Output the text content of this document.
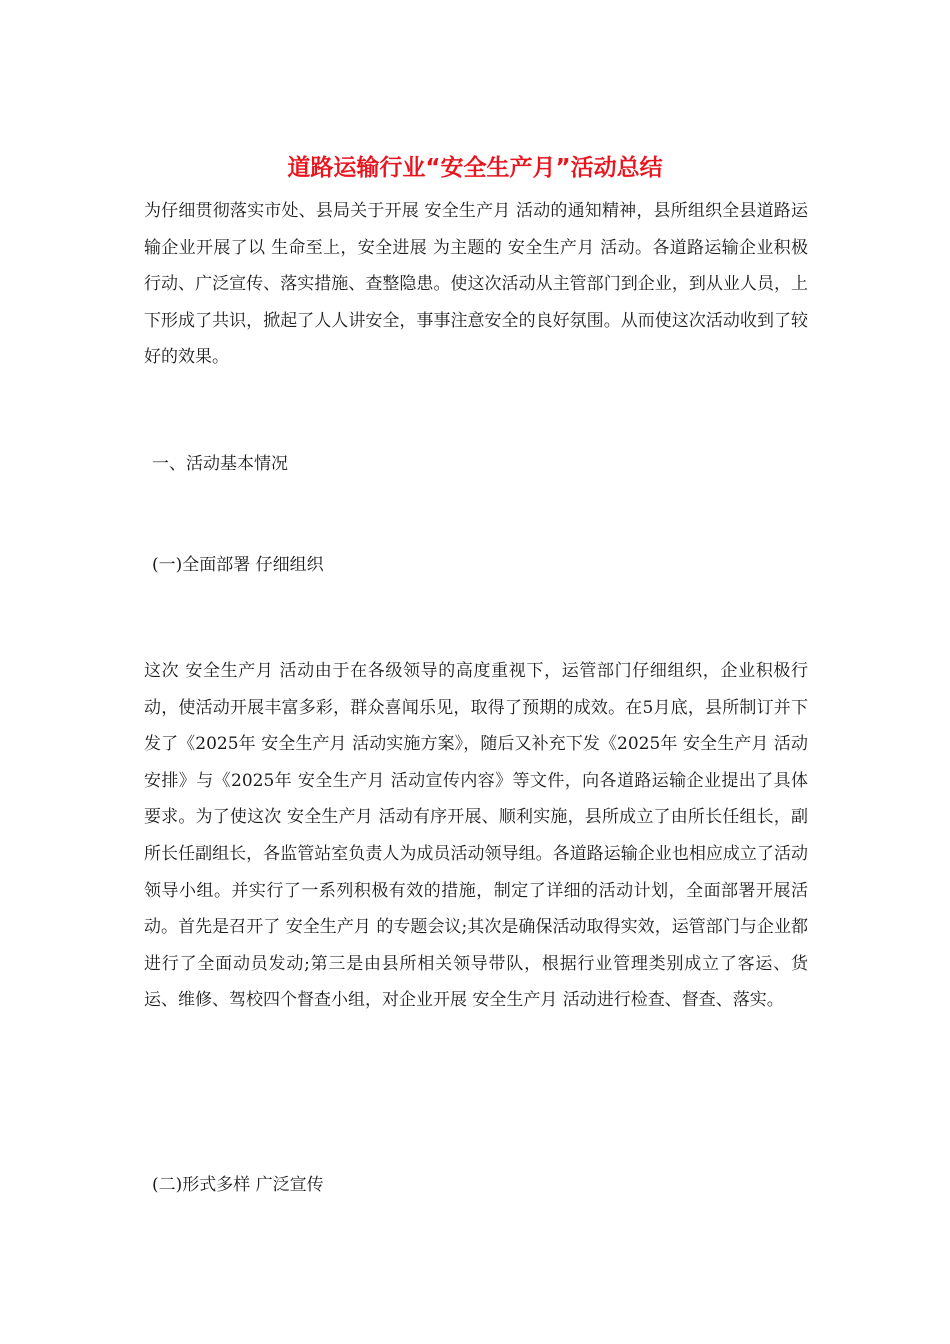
道路运输行业“安全生产月”活动总结

为仔细贯彻落实市处、县局关于开展 安全生产月 活动的通知精神，县所组织全县道路运输企业开展了以 生命至上，安全进展 为主题的 安全生产月 活动。各道路运输企业积极行动、广泛宣传、落实措施、查整隐患。使这次活动从主管部门到企业，到从业人员，上下形成了共识，掀起了人人讲安全，事事注意安全的良好氛围。从而使这次活动收到了较好的效果。

一、活动基本情况

(一)全面部署 仔细组织

这次 安全生产月 活动由于在各级领导的高度重视下，运管部门仔细组织，企业积极行动，使活动开展丰富多彩，群众喜闻乐见，取得了预期的成效。在5月底，县所制订并下发了《2025年 安全生产月 活动实施方案》，随后又补充下发《2025年 安全生产月 活动安排》与《2025年 安全生产月 活动宣传内容》等文件，向各道路运输企业提出了具体要求。为了使这次 安全生产月 活动有序开展、顺利实施，县所成立了由所长任组长，副所长任副组长，各监管站室负责人为成员活动领导组。各道路运输企业也相应成立了活动领导小组。并实行了一系列积极有效的措施，制定了详细的活动计划，全面部署开展活动。首先是召开了 安全生产月 的专题会议;其次是确保活动取得实效，运管部门与企业都进行了全面动员发动;第三是由县所相关领导带队，根据行业管理类别成立了客运、货运、维修、驾校四个督查小组，对企业开展 安全生产月 活动进行检查、督查、落实。

(二)形式多样 广泛宣传
